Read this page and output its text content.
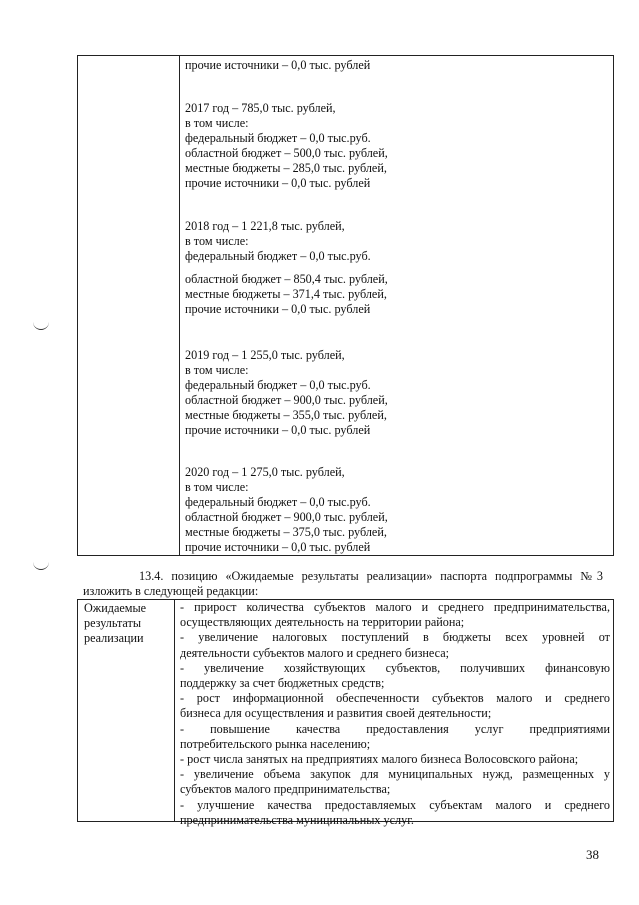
прочие источники – 0,0 тыс. рублей
2017 год – 785,0 тыс. рублей,
в том числе:
федеральный бюджет – 0,0 тыс.руб.
областной бюджет – 500,0 тыс. рублей,
местные бюджеты – 285,0 тыс. рублей,
прочие источники – 0,0 тыс. рублей
2018 год – 1 221,8 тыс. рублей,
в том числе:
федеральный бюджет – 0,0 тыс.руб.
областной бюджет – 850,4 тыс. рублей,
местные бюджеты – 371,4 тыс. рублей,
прочие источники – 0,0 тыс. рублей
2019 год – 1 255,0 тыс. рублей,
в том числе:
федеральный бюджет – 0,0 тыс.руб.
областной бюджет – 900,0 тыс. рублей,
местные бюджеты – 355,0 тыс. рублей,
прочие источники – 0,0 тыс. рублей
2020 год – 1 275,0 тыс. рублей,
в том числе:
федеральный бюджет – 0,0 тыс.руб.
областной бюджет – 900,0 тыс. рублей,
местные бюджеты – 375,0 тыс. рублей,
прочие источники – 0,0 тыс. рублей
13.4. позицию «Ожидаемые результаты реализации» паспорта подпрограммы №3
изложить в следующей редакции:
Ожидаемые
результаты
реализации
- прирост количества субъектов малого и среднего предпринимательства,
осуществляющих деятельность на территории района;
- увеличение налоговых поступлений в бюджеты всех уровней от
деятельности субъектов малого и среднего бизнеса;
- увеличение хозяйствующих субъектов, получивших финансовую
поддержку за счет бюджетных средств;
- рост информационной обеспеченности субъектов малого и среднего
бизнеса для осуществления и развития своей деятельности;
- повышение качества предоставления услуг предприятиями
потребительского рынка населению;
- рост числа занятых на предприятиях малого бизнеса Волосовского района;
- увеличение объема закупок для муниципальных нужд, размещенных у
субъектов малого предпринимательства;
- улучшение качества предоставляемых субъектам малого и среднего
предпринимательства муниципальных услуг.
38
